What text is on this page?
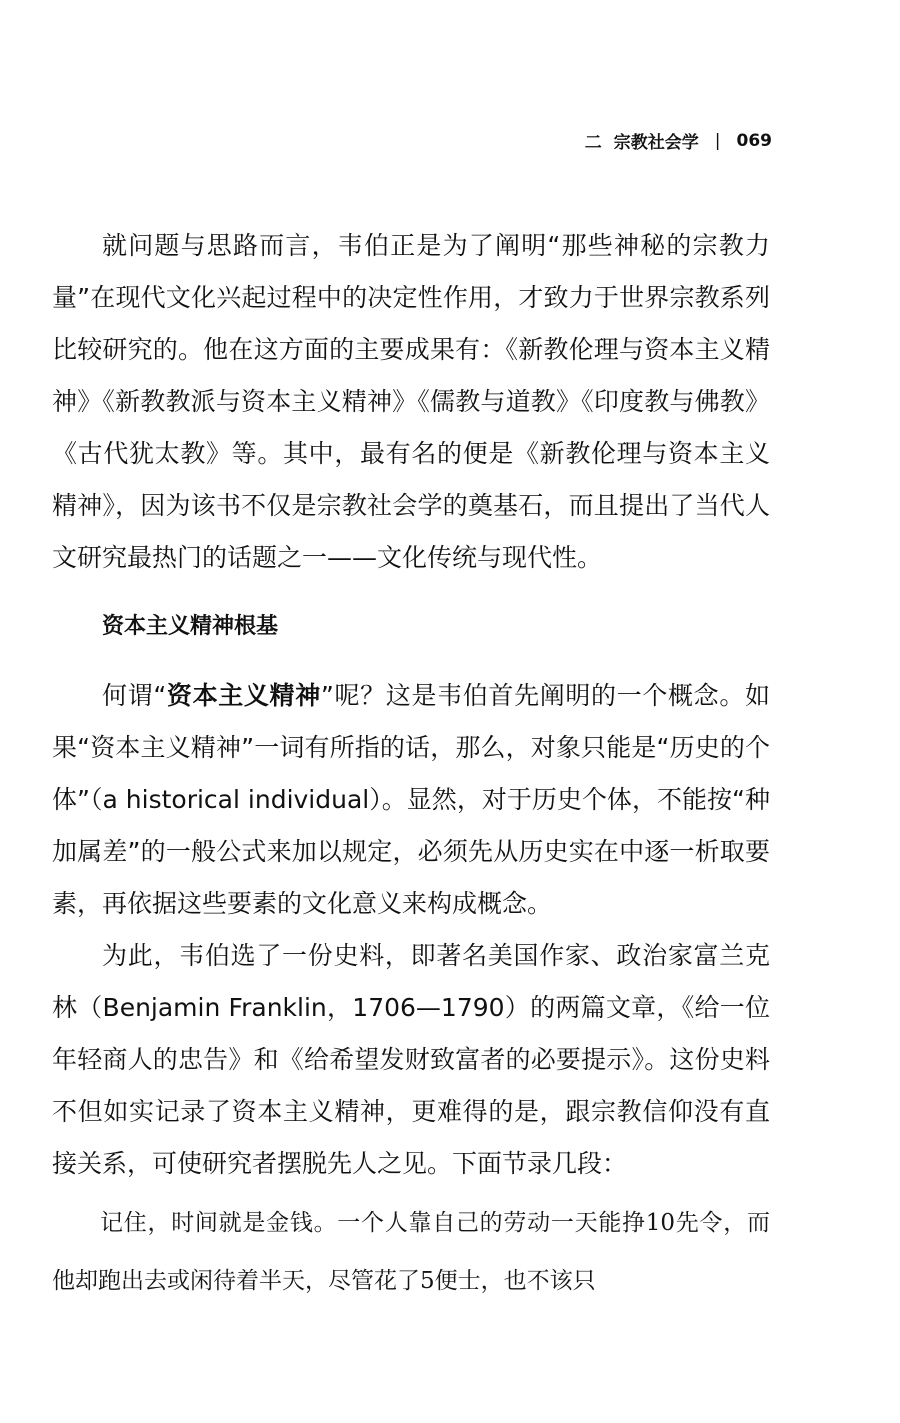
二 宗教社会学 | 069

就问题与思路而言，韦伯正是为了阐明“那些神秘的宗教力量”在现代文化兴起过程中的决定性作用，才致力于世界宗教系列比较研究的。他在这方面的主要成果有：《新教伦理与资本主义精神》《新教教派与资本主义精神》《儒教与道教》《印度教与佛教》《古代犹太教》等。其中，最有名的便是《新教伦理与资本主义精神》，因为该书不仅是宗教社会学的奠基石，而且提出了当代人文研究最热门的话题之一——文化传统与现代性。

资本主义精神根基

何谓“资本主义精神”呢？这是韦伯首先阐明的一个概念。如果“资本主义精神”一词有所指的话，那么，对象只能是“历史的个体”（a historical individual）。显然，对于历史个体，不能按“种加属差”的一般公式来加以规定，必须先从历史实在中逐一析取要素，再依据这些要素的文化意义来构成概念。

为此，韦伯选了一份史料，即著名美国作家、政治家富兰克林（Benjamin Franklin，1706—1790）的两篇文章，《给一位年轻商人的忠告》和《给希望发财致富者的必要提示》。这份史料不但如实记录了资本主义精神，更难得的是，跟宗教信仰没有直接关系，可使研究者摆脱先人之见。下面节录几段：

记住，时间就是金钱。一个人靠自己的劳动一天能挣10先令，而他却跑出去或闲待着半天，尽管花了5便士，也不该只
